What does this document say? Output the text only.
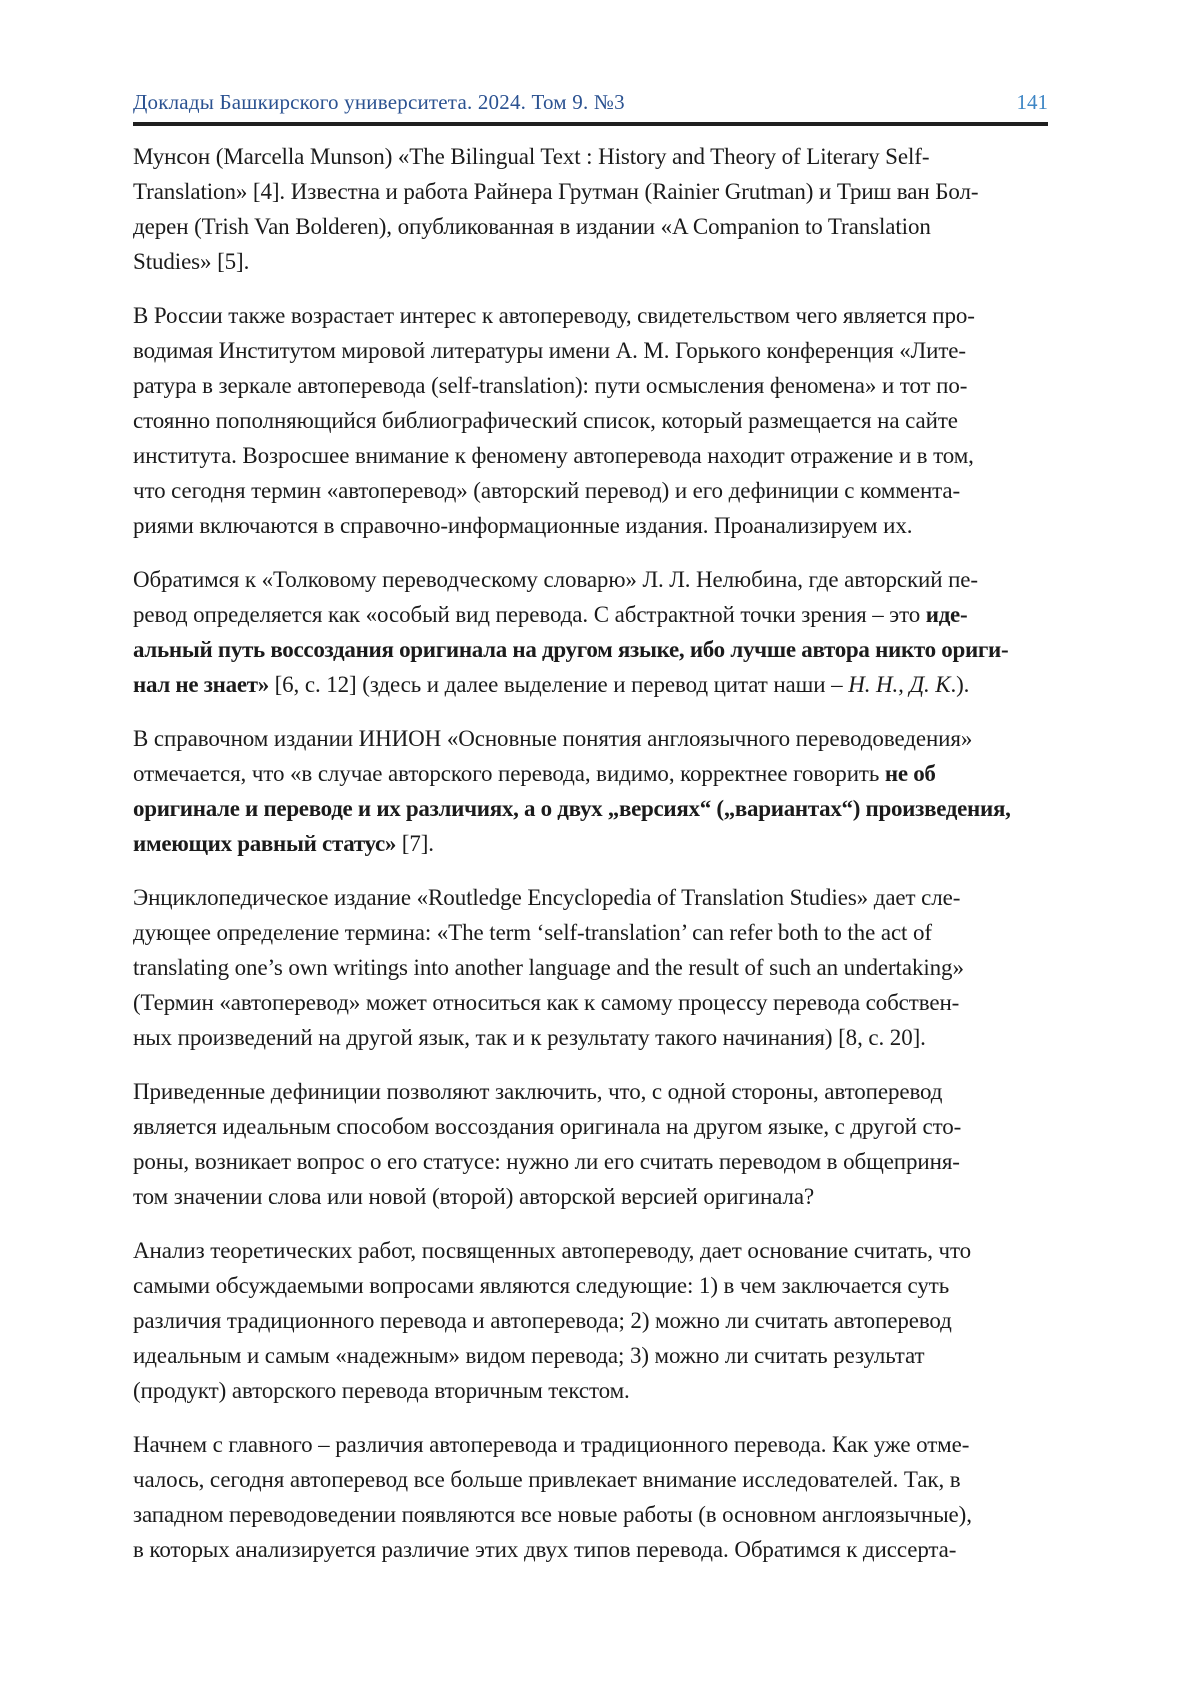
Доклады Башкирского университета. 2024. Том 9. №3	141
Мунсон (Marcella Munson) «The Bilingual Text : History and Theory of Literary Self-
Translation» [4]. Известна и работа Райнера Грутман (Rainier Grutman) и Триш ван Бол-
дерен (Trish Van Bolderen), опубликованная в издании «A Companion to Translation
Studies» [5].
В России также возрастает интерес к автопереводу, свидетельством чего является про-
водимая Институтом мировой литературы имени А. М. Горького конференция «Лите-
ратура в зеркале автоперевода (self-translation): пути осмысления феномена» и тот по-
стоянно пополняющийся библиографический список, который размещается на сайте
института. Возросшее внимание к феномену автоперевода находит отражение и в том,
что сегодня термин «автоперевод» (авторский перевод) и его дефиниции с коммента-
риями включаются в справочно-информационные издания. Проанализируем их.
Обратимся к «Толковому переводческому словарю» Л. Л. Нелюбина, где авторский пе-
ревод определяется как «особый вид перевода. С абстрактной точки зрения – это иде-
альный путь воссоздания оригинала на другом языке, ибо лучше автора никто ориги-
нал не знает» [6, с. 12] (здесь и далее выделение и перевод цитат наши – Н. Н., Д. К.).
В справочном издании ИНИОН «Основные понятия англоязычного переводоведения»
отмечается, что «в случае авторского перевода, видимо, корректнее говорить не об
оригинале и переводе и их различиях, а о двух „версиях“ („вариантах“) произведения,
имеющих равный статус» [7].
Энциклопедическое издание «Routledge Encyclopedia of Translation Studies» дает сле-
дующее определение термина: «The term ‘self-translation’ can refer both to the act of
translating one’s own writings into another language and the result of such an undertaking»
(Термин «автоперевод» может относиться как к самому процессу перевода собствен-
ных произведений на другой язык, так и к результату такого начинания) [8, с. 20].
Приведенные дефиниции позволяют заключить, что, с одной стороны, автоперевод
является идеальным способом воссоздания оригинала на другом языке, с другой сто-
роны, возникает вопрос о его статусе: нужно ли его считать переводом в общеприня-
том значении слова или новой (второй) авторской версией оригинала?
Анализ теоретических работ, посвященных автопереводу, дает основание считать, что
самыми обсуждаемыми вопросами являются следующие: 1) в чем заключается суть
различия традиционного перевода и автоперевода; 2) можно ли считать автоперевод
идеальным и самым «надежным» видом перевода; 3) можно ли считать результат
(продукт) авторского перевода вторичным текстом.
Начнем с главного – различия автоперевода и традиционного перевода. Как уже отме-
чалось, сегодня автоперевод все больше привлекает внимание исследователей. Так, в
западном переводоведении появляются все новые работы (в основном англоязычные),
в которых анализируется различие этих двух типов перевода. Обратимся к диссерта-
